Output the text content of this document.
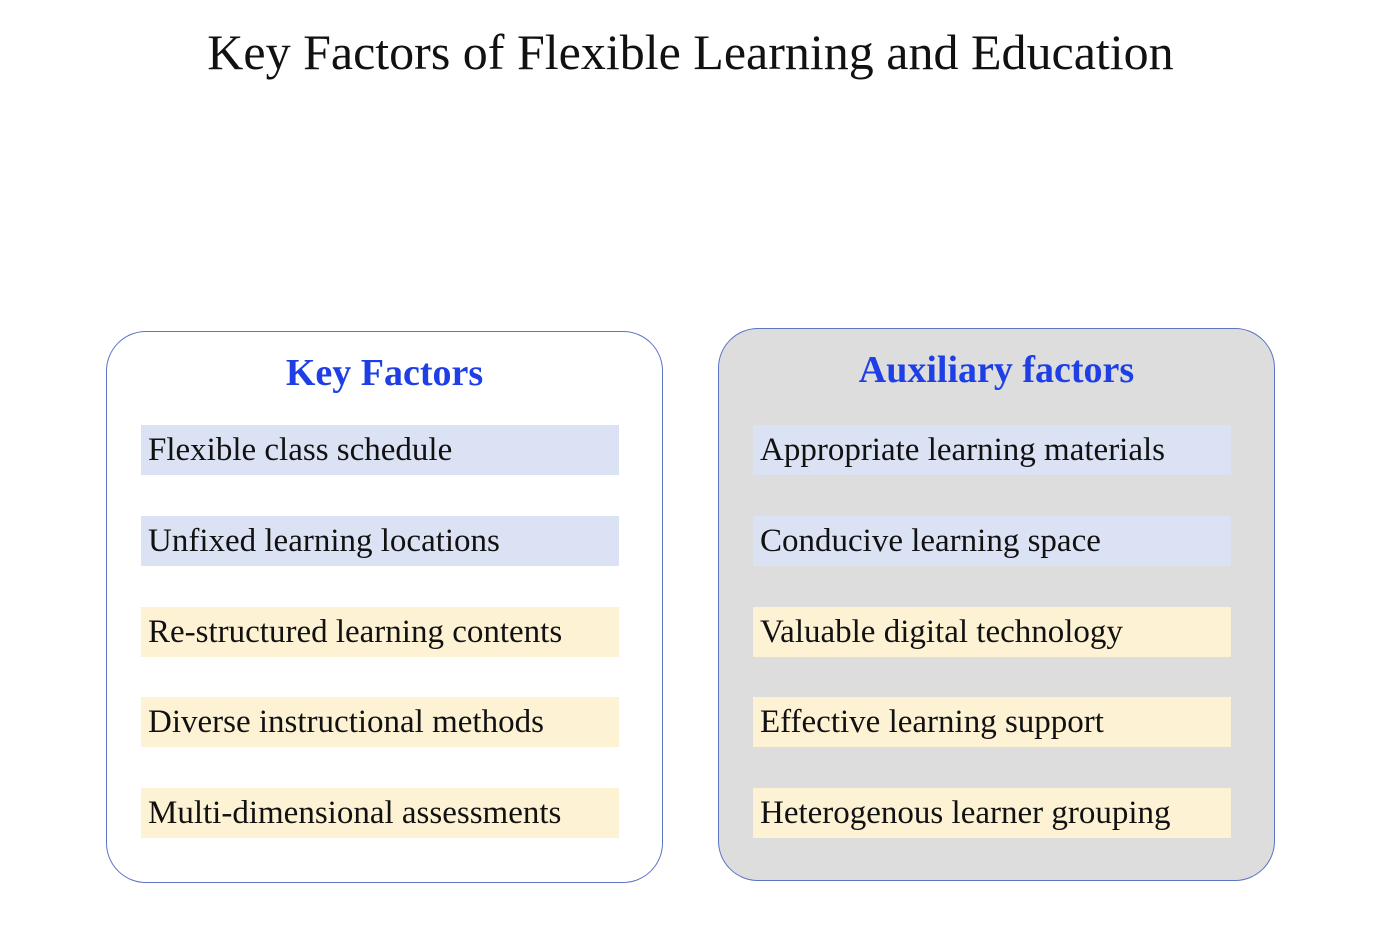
Key Factors of Flexible Learning and Education
Key Factors
Flexible class schedule
Unfixed learning locations
Re-structured learning contents
Diverse instructional methods
Multi-dimensional assessments
Auxiliary factors
Appropriate learning materials
Conducive learning space
Valuable digital technology
Effective learning support
Heterogenous learner grouping
